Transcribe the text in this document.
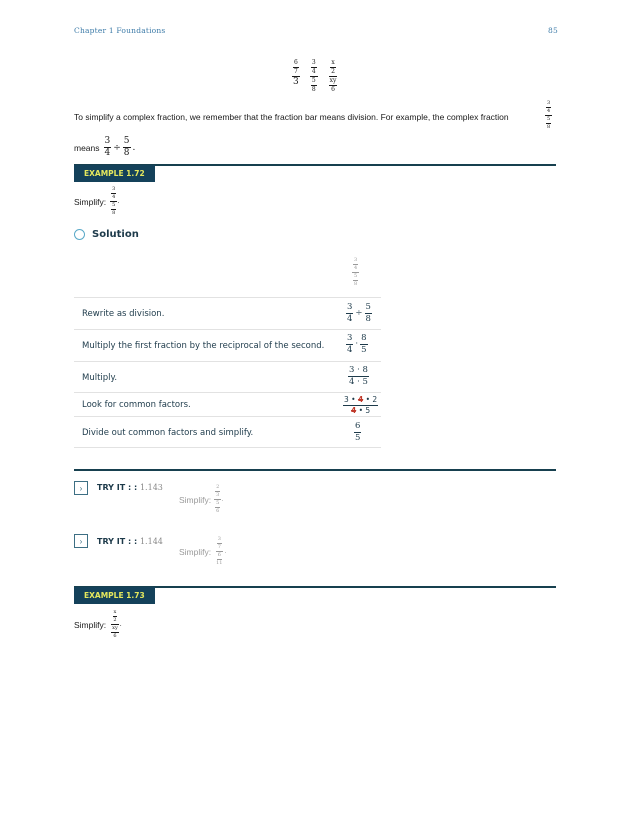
Chapter 1 Foundations	85
$\frac{\frac{6}{7}}{3} \frac{\frac{3}{4}}{\frac{5}{8}} \frac{\frac{x}{2}}{\frac{xy}{6}}$
To simplify a complex fraction, we remember that the fraction bar means division. For example, the complex fraction	$\frac{\frac{3}{4}}{\frac{5}{8}}$
means $\frac{3}{4} \div \frac{5}{8}$ .
EXAMPLE 1.72
Simplify: $\frac{\frac{3}{4}}{\frac{5}{8}}$ .
Solution
$\frac{\frac{3}{4}}{\frac{5}{8}}$
Rewrite as division.	$\frac{3}{4} \div \frac{5}{8}$
Multiply the first fraction by the reciprocal of the second.	$\frac{3}{4} \cdot \frac{8}{5}$
Multiply.	$\frac{3 \cdot 8}{4 \cdot 5}$
Look for common factors.	$\frac{3 • 4 • 2}{4 • 5}$
Divide out common factors and simplify.	$\frac{6}{5}$
› TRY IT : : 1.143
Simplify: $\frac{\frac{2}{3}}{\frac{5}{6}}$ .
› TRY IT : : 1.144
Simplify: $\frac{\frac{3}{7}}{\frac{6}{11}}$ .
EXAMPLE 1.73
Simplify: $\frac{\frac{x}{2}}{\frac{xy}{6}}$ .
